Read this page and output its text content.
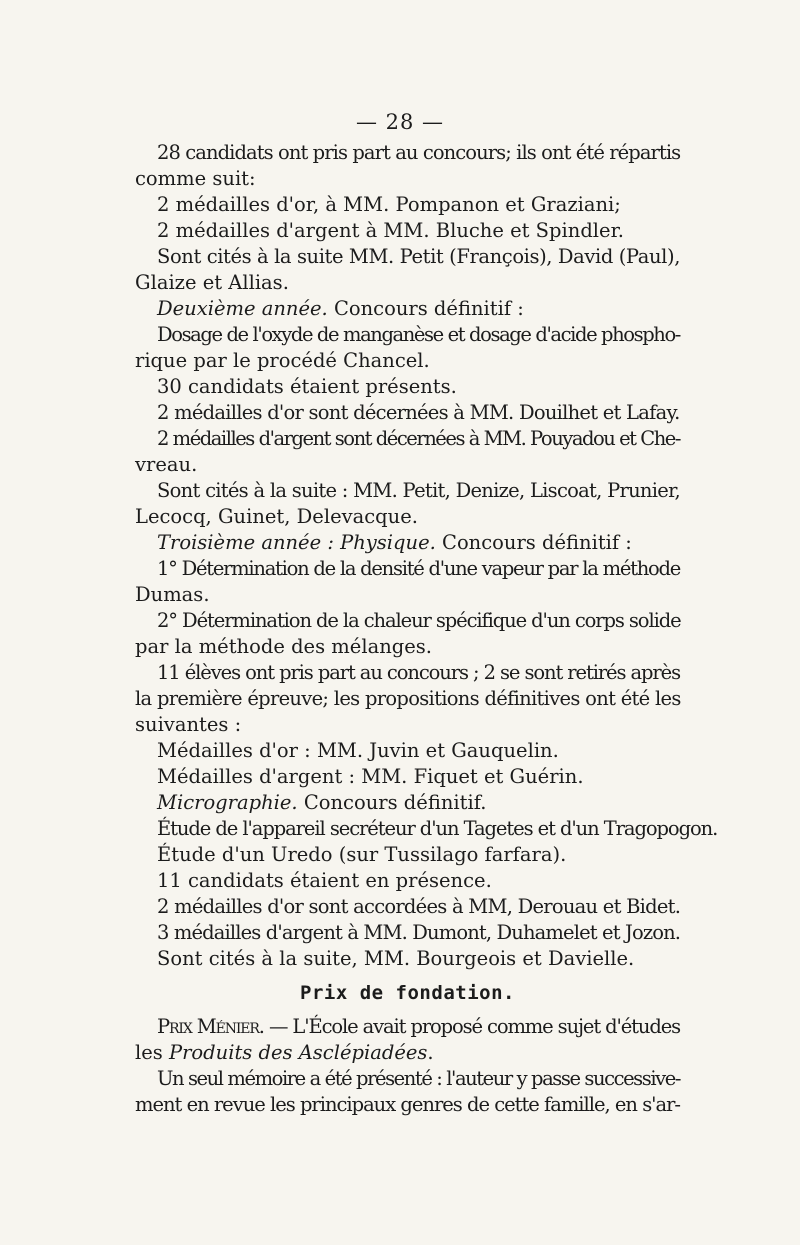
— 28 —
28 candidats ont pris part au concours; ils ont été répartis
comme suit:
2 médailles d'or, à MM. Pompanon et Graziani;
2 médailles d'argent à MM. Bluche et Spindler.
Sont cités à la suite MM. Petit (François), David (Paul),
Glaize et Allias.
Deuxième année. Concours définitif :
Dosage de l'oxyde de manganèse et dosage d'acide phospho-
rique par le procédé Chancel.
30 candidats étaient présents.
2 médailles d'or sont décernées à MM. Douilhet et Lafay.
2 médailles d'argent sont décernées à MM. Pouyadou et Che-
vreau.
Sont cités à la suite : MM. Petit, Denize, Liscoat, Prunier,
Lecocq, Guinet, Delevacque.
Troisième année : Physique. Concours définitif :
1° Détermination de la densité d'une vapeur par la méthode
Dumas.
2° Détermination de la chaleur spécifique d'un corps solide
par la méthode des mélanges.
11 élèves ont pris part au concours ; 2 se sont retirés après
la première épreuve; les propositions définitives ont été les
suivantes :
Médailles d'or : MM. Juvin et Gauquelin.
Médailles d'argent : MM. Fiquet et Guérin.
Micrographie. Concours définitif.
Étude de l'appareil secréteur d'un Tagetes et d'un Tragopogon.
Étude d'un Uredo (sur Tussilago farfara).
11 candidats étaient en présence.
2 médailles d'or sont accordées à MM, Derouau et Bidet.
3 médailles d'argent à MM. Dumont, Duhamelet et Jozon.
Sont cités à la suite, MM. Bourgeois et Davielle.
Prix de fondation.
Prix Ménier. — L'École avait proposé comme sujet d'études
les Produits des Asclépiadées.
Un seul mémoire a été présenté : l'auteur y passe successive-
ment en revue les principaux genres de cette famille, en s'ar-
